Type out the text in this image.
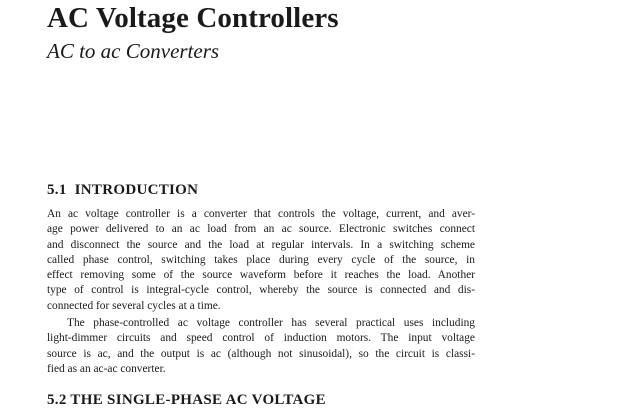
AC Voltage Controllers
AC to ac Converters
5.1 INTRODUCTION
An ac voltage controller is a converter that controls the voltage, current, and aver-
age power delivered to an ac load from an ac source. Electronic switches connect
and disconnect the source and the load at regular intervals. In a switching scheme
called phase control, switching takes place during every cycle of the source, in
effect removing some of the source waveform before it reaches the load. Another
type of control is integral-cycle control, whereby the source is connected and dis-
connected for several cycles at a time.
The phase-controlled ac voltage controller has several practical uses including
light-dimmer circuits and speed control of induction motors. The input voltage
source is ac, and the output is ac (although not sinusoidal), so the circuit is classi-
fied as an ac-ac converter.
5.2 THE SINGLE-PHASE AC VOLTAGE
